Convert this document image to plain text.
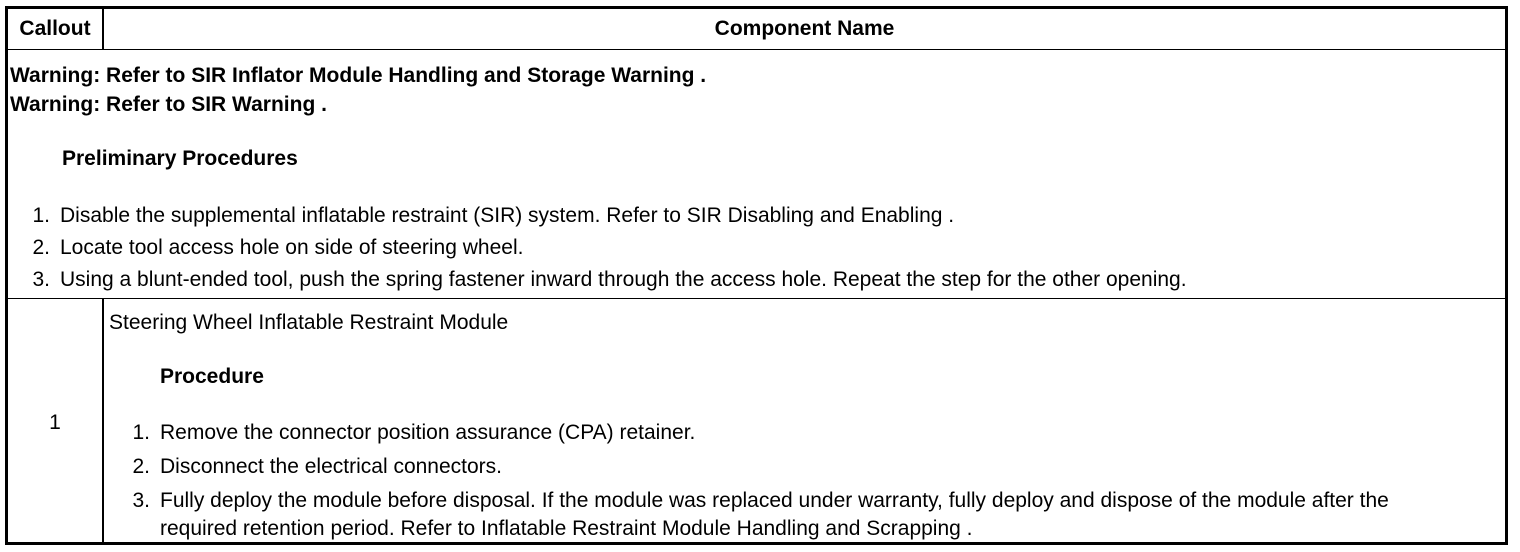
Callout	Component Name
Warning: Refer to SIR Inflator Module Handling and Storage Warning .
Warning: Refer to SIR Warning .
Preliminary Procedures
1. Disable the supplemental inflatable restraint (SIR) system. Refer to SIR Disabling and Enabling .
2. Locate tool access hole on side of steering wheel.
3. Using a blunt-ended tool, push the spring fastener inward through the access hole. Repeat the step for the other opening.
1
Steering Wheel Inflatable Restraint Module
Procedure
1. Remove the connector position assurance (CPA) retainer.
2. Disconnect the electrical connectors.
3. Fully deploy the module before disposal. If the module was replaced under warranty, fully deploy and dispose of the module after the required retention period. Refer to Inflatable Restraint Module Handling and Scrapping .
